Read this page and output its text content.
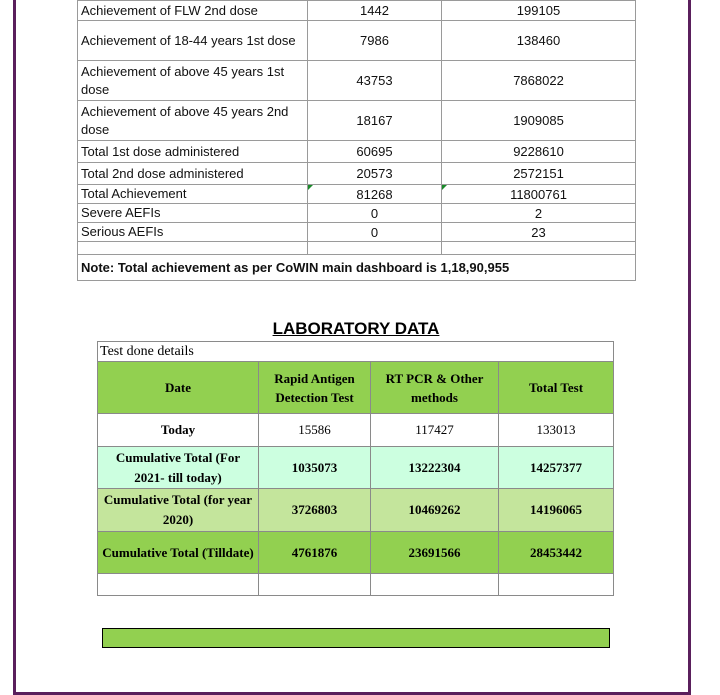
Achievement of FLW 2nd dose	1442	199105
Achievement of 18-44 years 1st dose	7986	138460
Achievement of above 45 years 1st dose	43753	7868022
Achievement of above 45 years 2nd dose	18167	1909085
Total 1st dose administered	60695	9228610
Total 2nd dose administered	20573	2572151
Total Achievement	81268	11800761
Severe AEFIs	0	2
Serious AEFIs	0	23

Note: Total achievement as per CoWIN main dashboard is 1,18,90,955		
LABORATORY DATA
Test done details			
Date	Rapid Antigen Detection Test	RT PCR & Other methods	Total Test
Today	15586	117427	133013
Cumulative Total (For 2021- till today)	1035073	13222304	14257377
Cumulative Total (for year 2020)	3726803	10469262	14196065
Cumulative Total (Tilldate)	4761876	23691566	28453442
